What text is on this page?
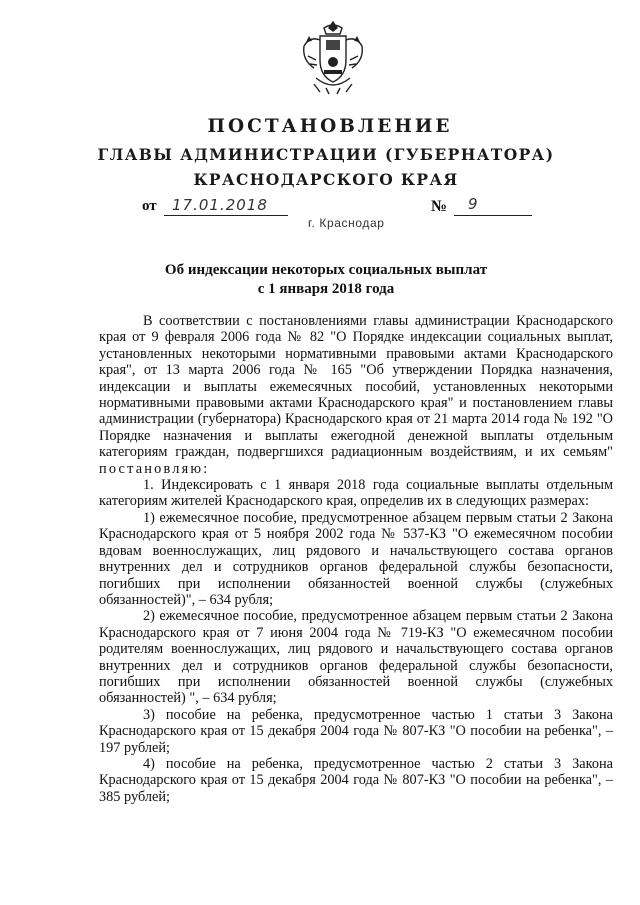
ПОСТАНОВЛЕНИЕ
ГЛАВЫ АДМИНИСТРАЦИИ (ГУБЕРНАТОРА)
КРАСНОДАРСКОГО КРАЯ
от 17.01.2018	№ 9
г. Краснодар
Об индексации некоторых социальных выплат
с 1 января 2018 года

В соответствии с постановлениями главы администрации Краснодарского края от 9 февраля 2006 года № 82 "О Порядке индексации социальных выплат, установленных некоторыми нормативными правовыми актами Краснодарского края", от 13 марта 2006 года № 165 "Об утверждении Порядка назначения, индексации и выплаты ежемесячных пособий, установленных некоторыми нормативными правовыми актами Краснодарского края" и постановлением главы администрации (губернатора) Краснодарского края от 21 марта 2014 года № 192 "О Порядке назначения и выплаты ежегодной денежной выплаты отдельным категориям граждан, подвергшихся радиационным воздействиям, и их семьям" постановляю:

1. Индексировать с 1 января 2018 года социальные выплаты отдельным категориям жителей Краснодарского края, определив их в следующих размерах:

1) ежемесячное пособие, предусмотренное абзацем первым статьи 2 Закона Краснодарского края от 5 ноября 2002 года № 537-КЗ "О ежемесячном пособии вдовам военнослужащих, лиц рядового и начальствующего состава органов внутренних дел и сотрудников органов федеральной службы безопасности, погибших при исполнении обязанностей военной службы (служебных обязанностей)", – 634 рубля;

2) ежемесячное пособие, предусмотренное абзацем первым статьи 2 Закона Краснодарского края от 7 июня 2004 года № 719-КЗ "О ежемесячном пособии родителям военнослужащих, лиц рядового и начальствующего состава органов внутренних дел и сотрудников органов федеральной службы безопасности, погибших при исполнении обязанностей военной службы (служебных обязанностей) ", – 634 рубля;

3) пособие на ребенка, предусмотренное частью 1 статьи 3 Закона Краснодарского края от 15 декабря 2004 года № 807-КЗ "О пособии на ребенка", – 197 рублей;

4) пособие на ребенка, предусмотренное частью 2 статьи 3 Закона Краснодарского края от 15 декабря 2004 года № 807-КЗ "О пособии на ребенка", – 385 рублей;
